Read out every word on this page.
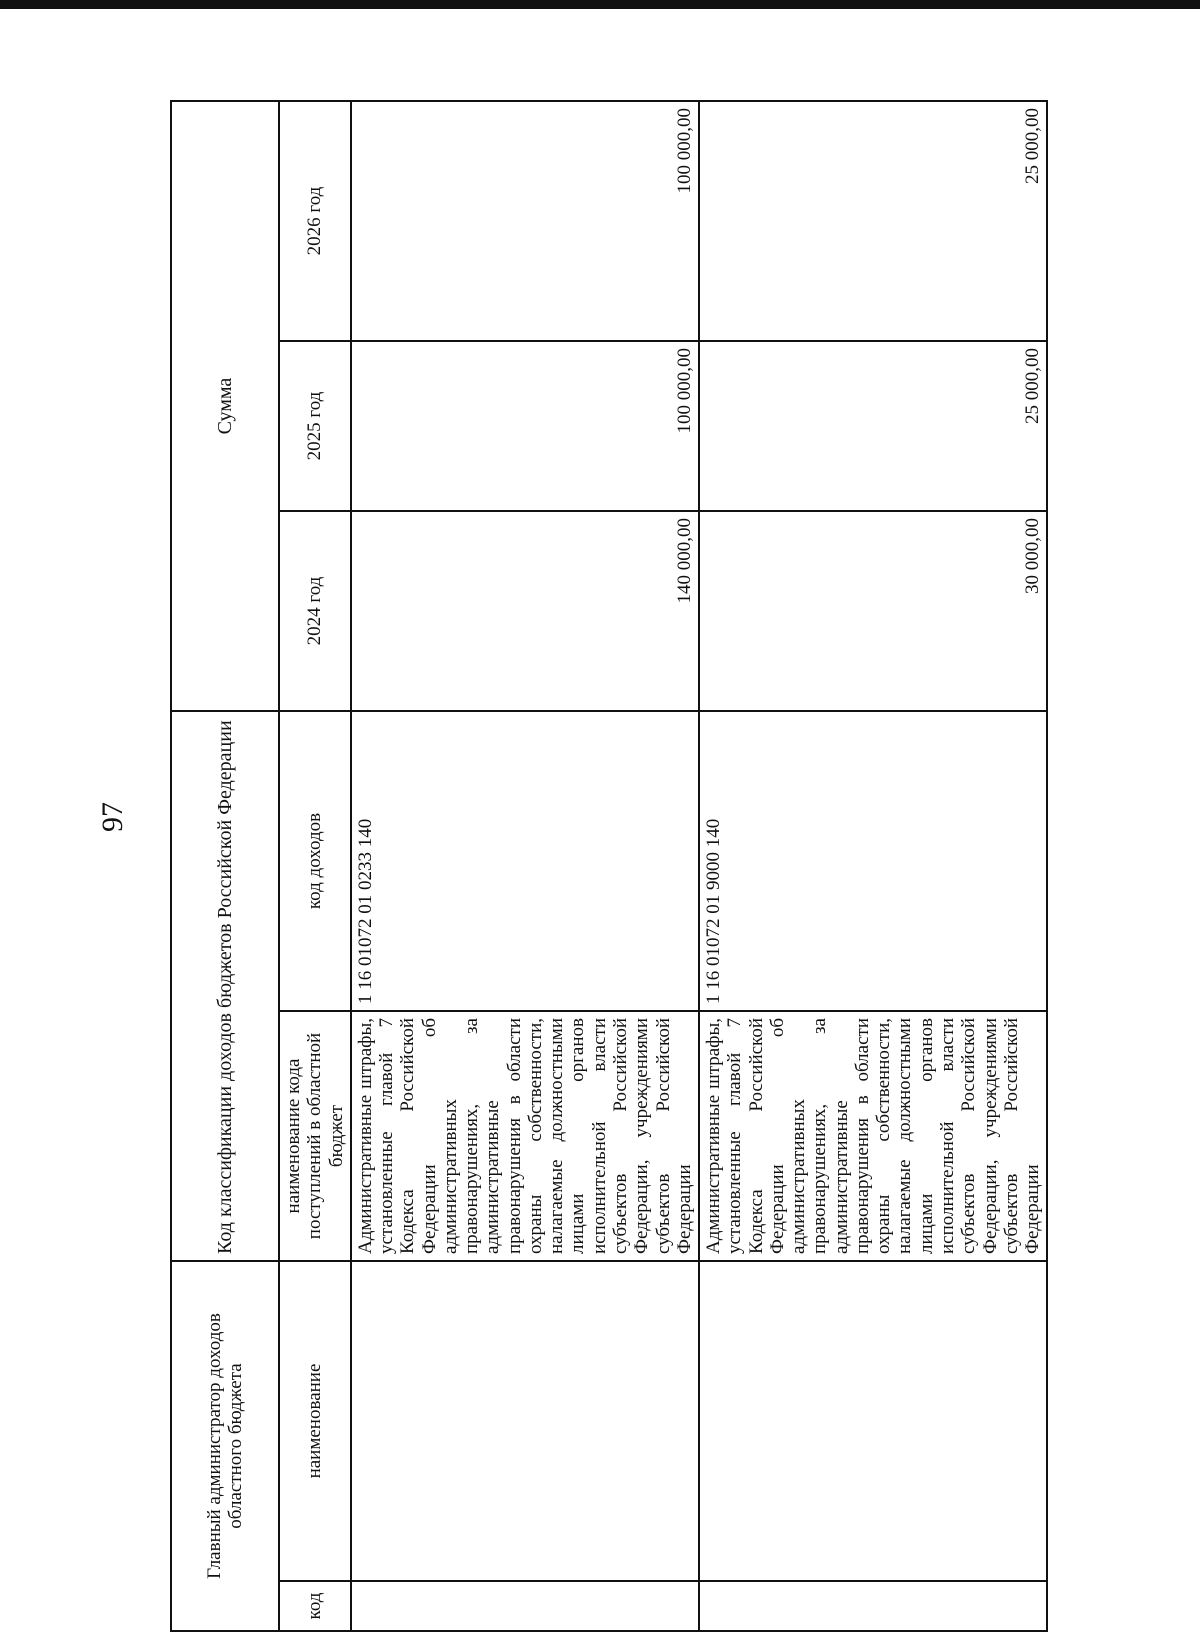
97
Главный администратор доходов областного бюджета		Код классификации доходов бюджетов Российской Федерации		Сумма		
код	наименование	наименование кода поступлений в областной бюджет	код доходов	2024 год	2025 год	2026 год
		Административные штрафы, установленные главой 7 Кодекса Российской Федерации об административных правонарушениях, за административные правонарушения в области охраны собственности, налагаемые должностными лицами органов исполнительной власти субъектов Российской Федерации, учреждениями субъектов Российской Федерации	1 16 01072 01 0233 140	140 000,00	100 000,00	100 000,00
		Административные штрафы, установленные главой 7 Кодекса Российской Федерации об административных правонарушениях, за административные правонарушения в области охраны собственности, налагаемые должностными лицами органов исполнительной власти субъектов Российской Федерации, учреждениями субъектов Российской Федерации	1 16 01072 01 9000 140	30 000,00	25 000,00	25 000,00
